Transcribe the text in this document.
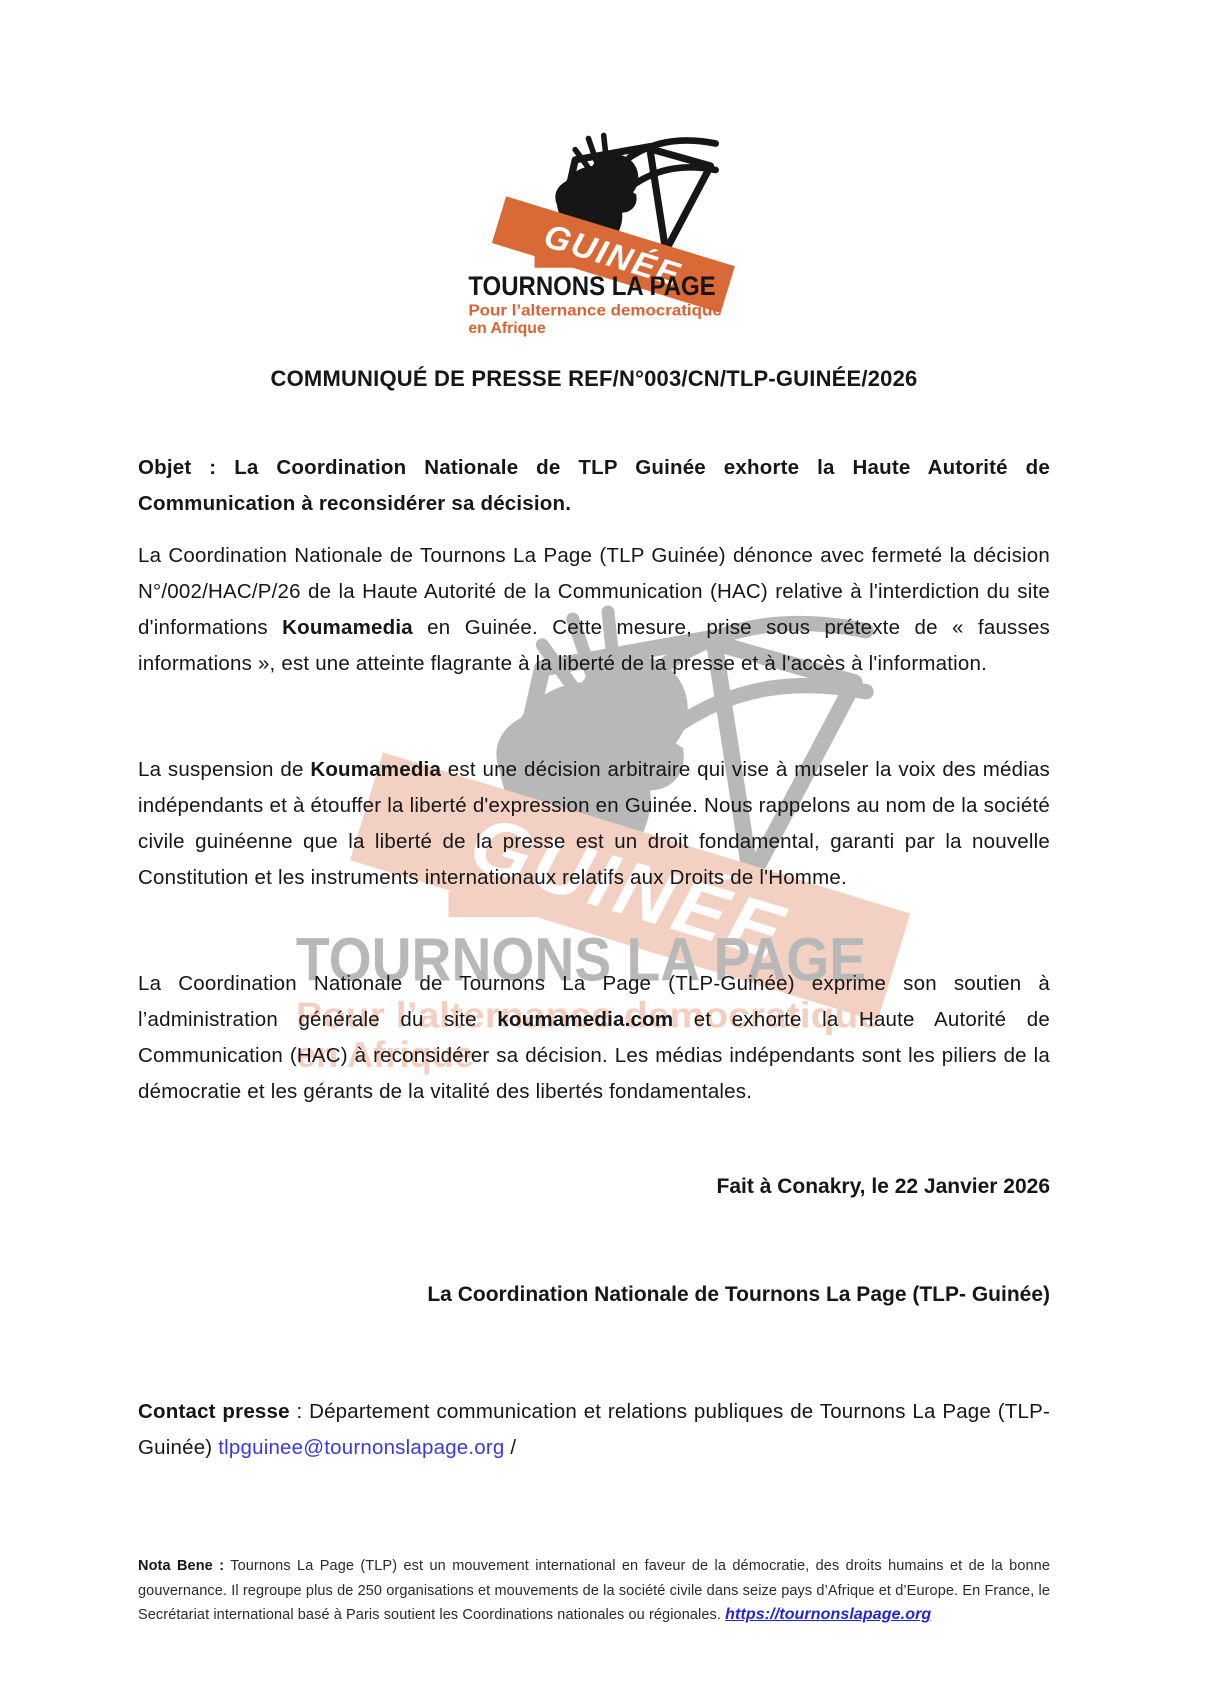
COMMUNIQUÉ DE PRESSE REF/N°003/CN/TLP-GUINÉE/2026
Objet : La Coordination Nationale de TLP Guinée exhorte la Haute Autorité de Communication à reconsidérer sa décision.
La Coordination Nationale de Tournons La Page (TLP Guinée) dénonce avec fermeté la décision N°/002/HAC/P/26 de la Haute Autorité de la Communication (HAC) relative à l'interdiction du site d'informations Koumamedia en Guinée. Cette mesure, prise sous prétexte de « fausses informations », est une atteinte flagrante à la liberté de la presse et à l'accès à l'information.
La suspension de Koumamedia est une décision arbitraire qui vise à museler la voix des médias indépendants et à étouffer la liberté d'expression en Guinée. Nous rappelons au nom de la société civile guinéenne que la liberté de la presse est un droit fondamental, garanti par la nouvelle Constitution et les instruments internationaux relatifs aux Droits de l'Homme.
La Coordination Nationale de Tournons La Page (TLP-Guinée) exprime son soutien à l’administration générale du site koumamedia.com et exhorte la Haute Autorité de Communication (HAC) à reconsidérer sa décision. Les médias indépendants sont les piliers de la démocratie et les gérants de la vitalité des libertés fondamentales.
Fait à Conakry, le 22 Janvier 2026
La Coordination Nationale de Tournons La Page (TLP- Guinée)
Contact presse : Département communication et relations publiques de Tournons La Page (TLP-Guinée) tlpguinee@tournonslapage.org /
Nota Bene : Tournons La Page (TLP) est un mouvement international en faveur de la démocratie, des droits humains et de la bonne gouvernance. Il regroupe plus de 250 organisations et mouvements de la société civile dans seize pays d’Afrique et d’Europe. En France, le Secrétariat international basé à Paris soutient les Coordinations nationales ou régionales. https://tournonslapage.org
